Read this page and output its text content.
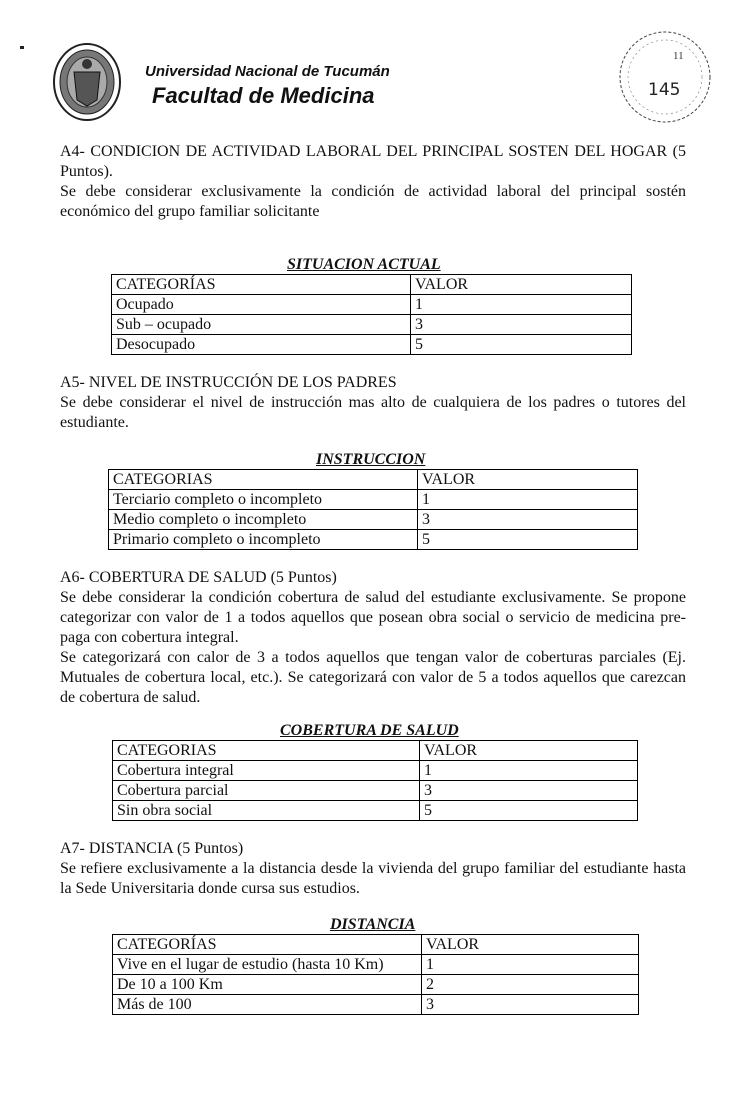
Universidad Nacional de Tucumán
Facultad de Medicina
11
145

A4- CONDICION DE ACTIVIDAD LABORAL DEL PRINCIPAL SOSTEN DEL HOGAR (5 Puntos).

Se debe considerar exclusivamente la condición de actividad laboral del principal sostén económico del grupo familiar solicitante

SITUACION ACTUAL
CATEGORÍAS	VALOR
Ocupado	1
Sub – ocupado	3
Desocupado	5

A5- NIVEL DE INSTRUCCIÓN DE LOS PADRES

Se debe considerar el nivel de instrucción mas alto de cualquiera de los padres o tutores del estudiante.

INSTRUCCION
CATEGORIAS	VALOR
Terciario completo o incompleto	1
Medio completo o incompleto	3
Primario completo o incompleto	5

A6- COBERTURA DE SALUD (5 Puntos)

Se debe considerar la condición cobertura de salud del estudiante exclusivamente. Se propone categorizar con valor de 1 a todos aquellos que posean obra social o servicio de medicina pre-paga con cobertura integral.

Se categorizará con calor de 3 a todos aquellos que tengan valor de coberturas parciales (Ej. Mutuales de cobertura local, etc.). Se categorizará con valor de 5 a todos aquellos que carezcan de cobertura de salud.

COBERTURA DE SALUD
CATEGORIAS	VALOR
Cobertura integral	1
Cobertura parcial	3
Sin obra social	5

A7- DISTANCIA (5 Puntos)

Se refiere exclusivamente a la distancia desde la vivienda del grupo familiar del estudiante hasta la Sede Universitaria donde cursa sus estudios.

DISTANCIA
CATEGORÍAS	VALOR
Vive en el lugar de estudio (hasta 10 Km)	1
De 10 a 100 Km	2
Más de 100	3
